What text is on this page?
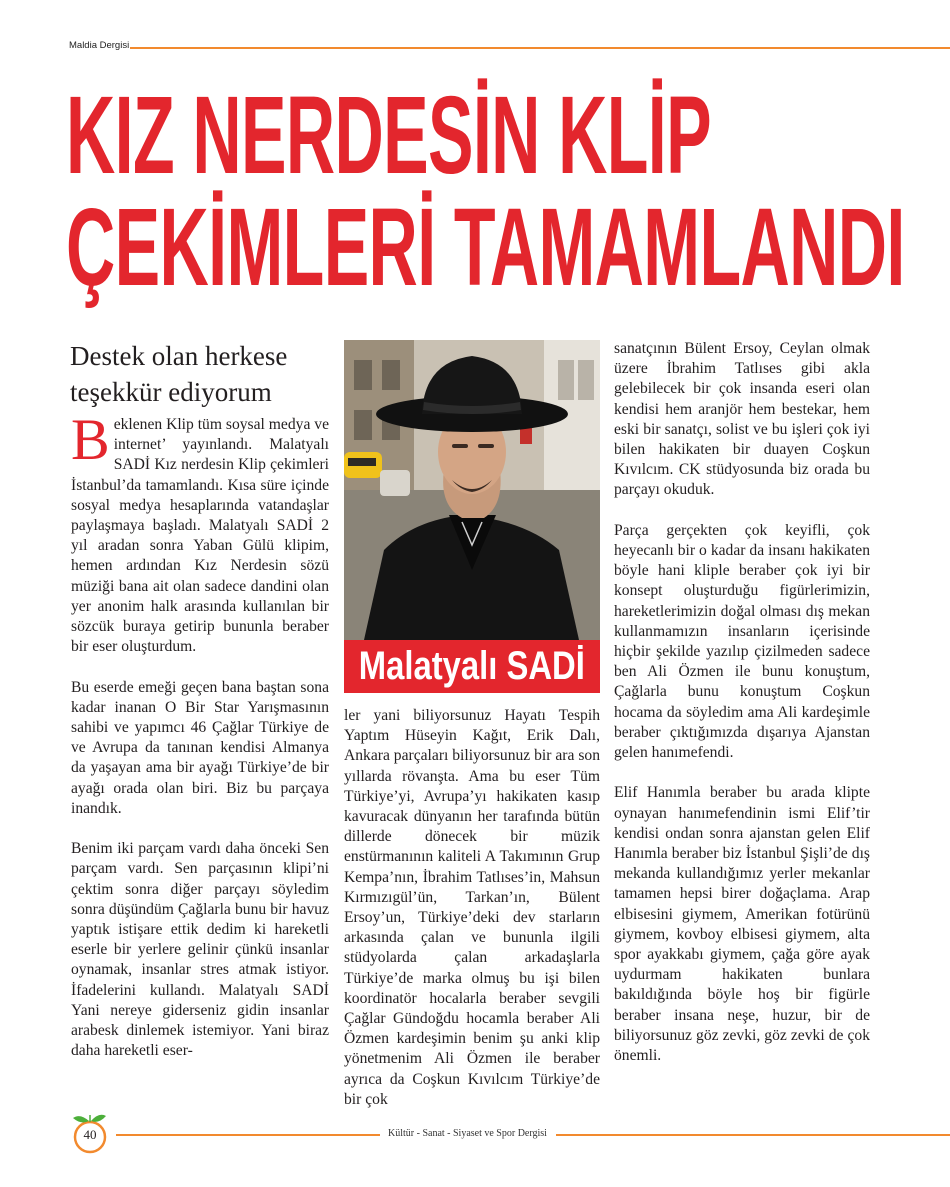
Maldia Dergisi
KIZ NERDESİN KLİP
ÇEKİMLERİ TAMAMLANDI
Destek olan herkese
teşekkür ediyorum

Beklenen Klip tüm soysal medya ve internet’ yayınlandı. Malatyalı SADİ Kız nerdesin Klip çekimleri İstanbul’da tamamlandı. Kısa süre içinde sosyal medya hesaplarında vatandaşlar paylaşmaya başladı. Malatyalı SADİ 2 yıl aradan sonra Yaban Gülü klipim, hemen ardından Kız Nerdesin sözü müziği bana ait olan sadece dandini olan yer anonim halk arasında kullanılan bir sözcük buraya getirip bununla beraber bir eser oluşturdum.

Bu eserde emeği geçen bana baştan sona kadar inanan O Bir Star Yarışmasının sahibi ve yapımcı 46 Çağlar Türkiye de ve Avrupa da tanınan kendisi Almanya da yaşayan ama bir ayağı Türkiye’de bir ayağı orada olan biri. Biz bu parçaya inandık.

Benim iki parçam vardı daha önceki Sen parçam vardı. Sen parçasının klipi’ni çektim sonra diğer parçayı söyledim sonra düşündüm Çağlarla bunu bir havuz yaptık istişare ettik dedim ki hareketli eserle bir yerlere gelinir çünkü insanlar oynamak, insanlar stres atmak istiyor. İfadelerini kullandı. Malatyalı SADİ Yani nereye giderseniz gidin insanlar arabesk dinlemek istemiyor. Yani biraz daha hareketli eser-

Malatyalı SADİ

ler yani biliyorsunuz Hayatı Tespih Yaptım Hüseyin Kağıt, Erik Dalı, Ankara parçaları biliyorsunuz bir ara son yıllarda rövanşta. Ama bu eser Tüm Türkiye’yi, Avrupa’yı hakikaten kasıp kavuracak dünyanın her tarafında bütün dillerde dönecek bir müzik enstürmanının kaliteli A Takımının Grup Kempa’nın, İbrahim Tatlıses’in, Mahsun Kırmızıgül’ün, Tarkan’ın, Bülent Ersoy’un, Türkiye’deki dev starların arkasında çalan ve bununla ilgili stüdyolarda çalan arkadaşlarla Türkiye’de marka olmuş bu işi bilen koordinatör hocalarla beraber sevgili Çağlar Gündoğdu hocamla beraber Ali Özmen kardeşimin benim şu anki klip yönetmenim Ali Özmen ile beraber ayrıca da Coşkun Kıvılcım Türkiye’de bir çok

sanatçının Bülent Ersoy, Ceylan olmak üzere İbrahim Tatlıses gibi akla gelebilecek bir çok insanda eseri olan kendisi hem aranjör hem bestekar, hem eski bir sanatçı, solist ve bu işleri çok iyi bilen hakikaten bir duayen Coşkun Kıvılcım. CK stüdyosunda biz orada bu parçayı okuduk.

Parça gerçekten çok keyifli, çok heyecanlı bir o kadar da insanı hakikaten böyle hani kliple beraber çok iyi bir konsept oluşturduğu figürlerimizin, hareketlerimizin doğal olması dış mekan kullanmamızın insanların içerisinde hiçbir şekilde yazılıp çizilmeden sadece ben Ali Özmen ile bunu konuştum, Çağlarla bunu konuştum Coşkun hocama da söyledim ama Ali kardeşimle beraber çıktığımızda dışarıya Ajanstan gelen hanımefendi.

Elif Hanımla beraber bu arada klipte oynayan hanımefendinin ismi Elif’tir kendisi ondan sonra ajanstan gelen Elif Hanımla beraber biz İstanbul Şişli’de dış mekanda kullandığımız yerler mekanlar tamamen hepsi birer doğaçlama. Arap elbisesini giymem, Amerikan fotürünü giymem, kovboy elbisesi giymem, alta spor ayakkabı giymem, çağa göre ayak uydurmam hakikaten bunlara bakıldığında böyle hoş bir figürle beraber insana neşe, huzur, bir de biliyorsunuz göz zevki, göz zevki de çok önemli.

40	Kültür - Sanat - Siyaset ve Spor Dergisi
